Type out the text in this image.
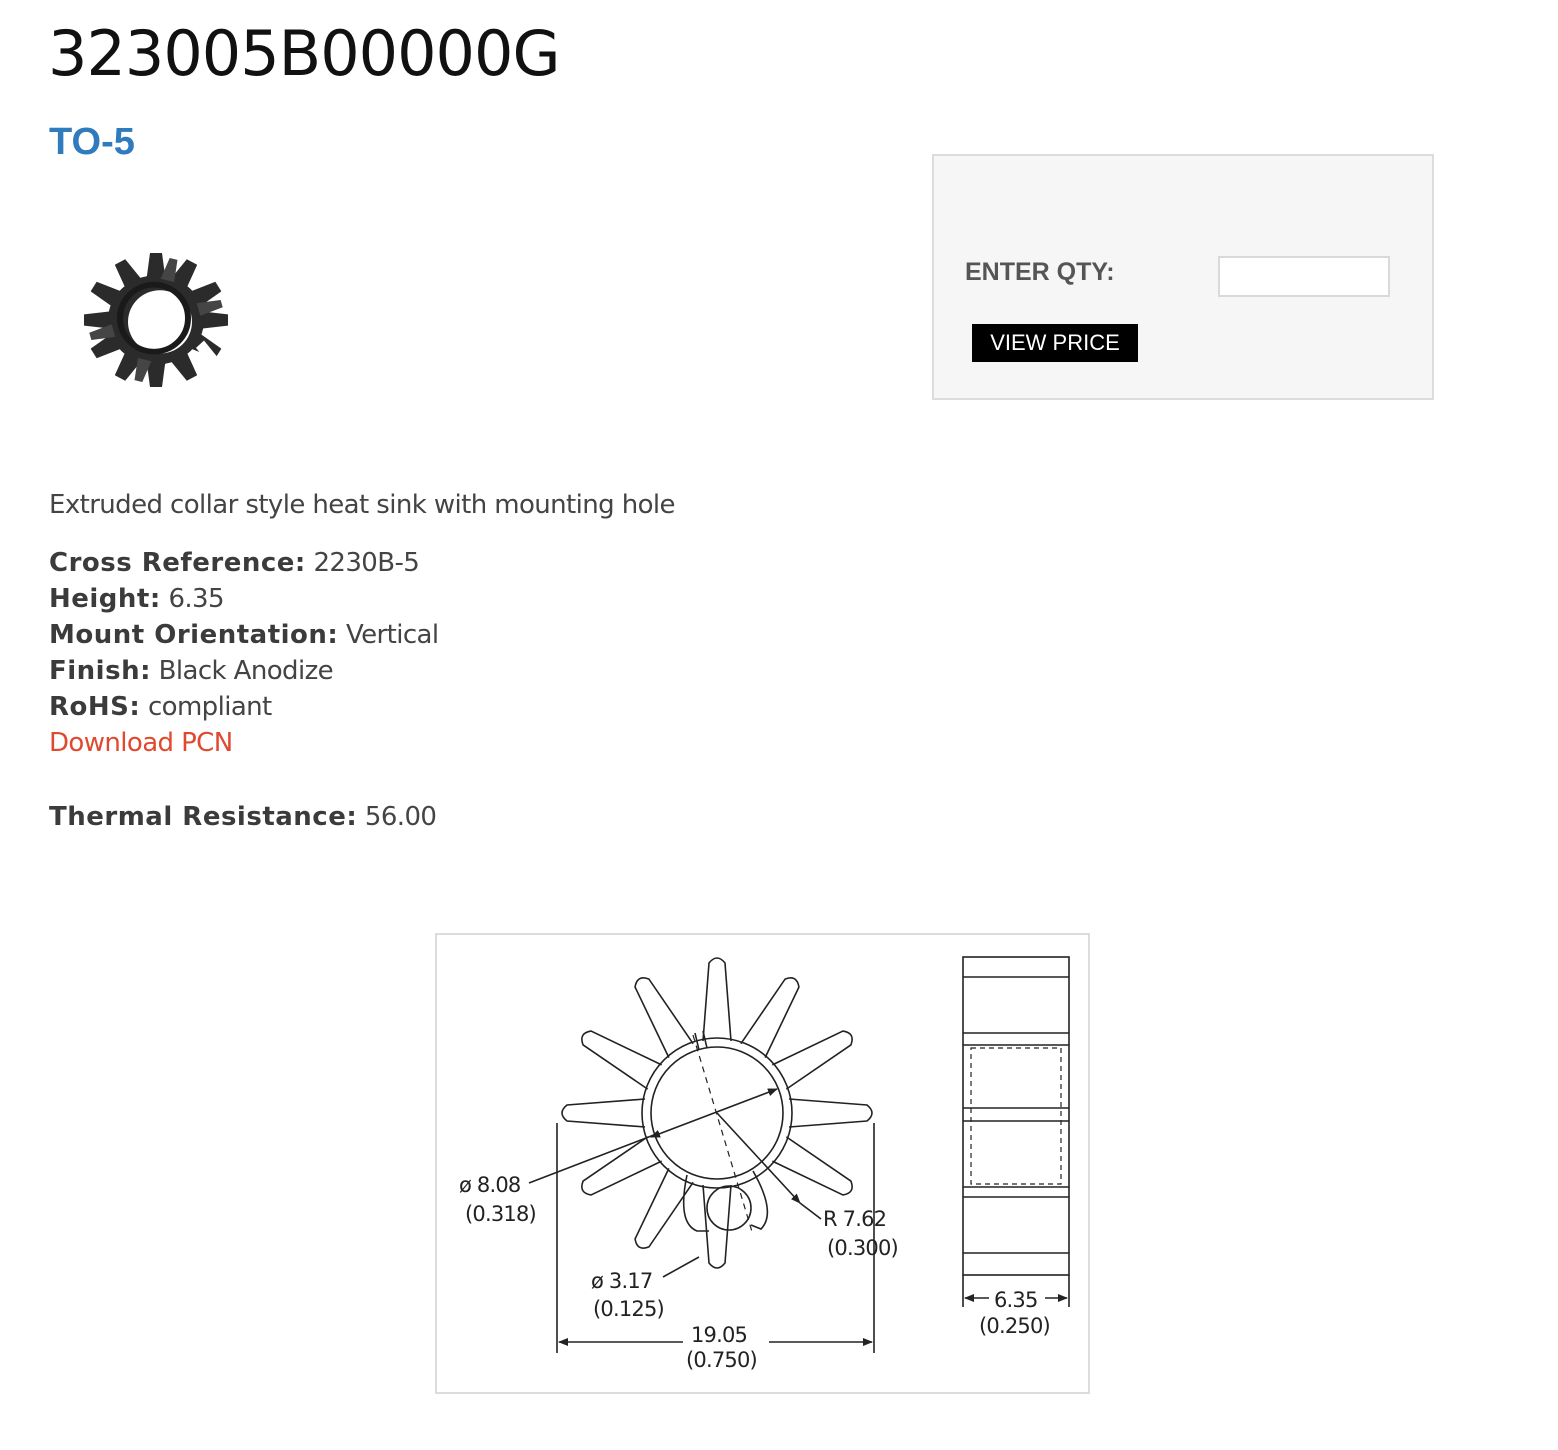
323005B00000G
TO-5
ENTER QTY:
VIEW PRICE
Extruded collar style heat sink with mounting hole
Cross Reference: 2230B-5
Height: 6.35
Mount Orientation: Vertical
Finish: Black Anodize
RoHS: compliant
Download PCN
Thermal Resistance: 56.00
ø 8.08
(0.318)	R 7.62
(0.300)
ø 3.17
(0.125)
19.05
(0.750)
6.35
(0.250)
